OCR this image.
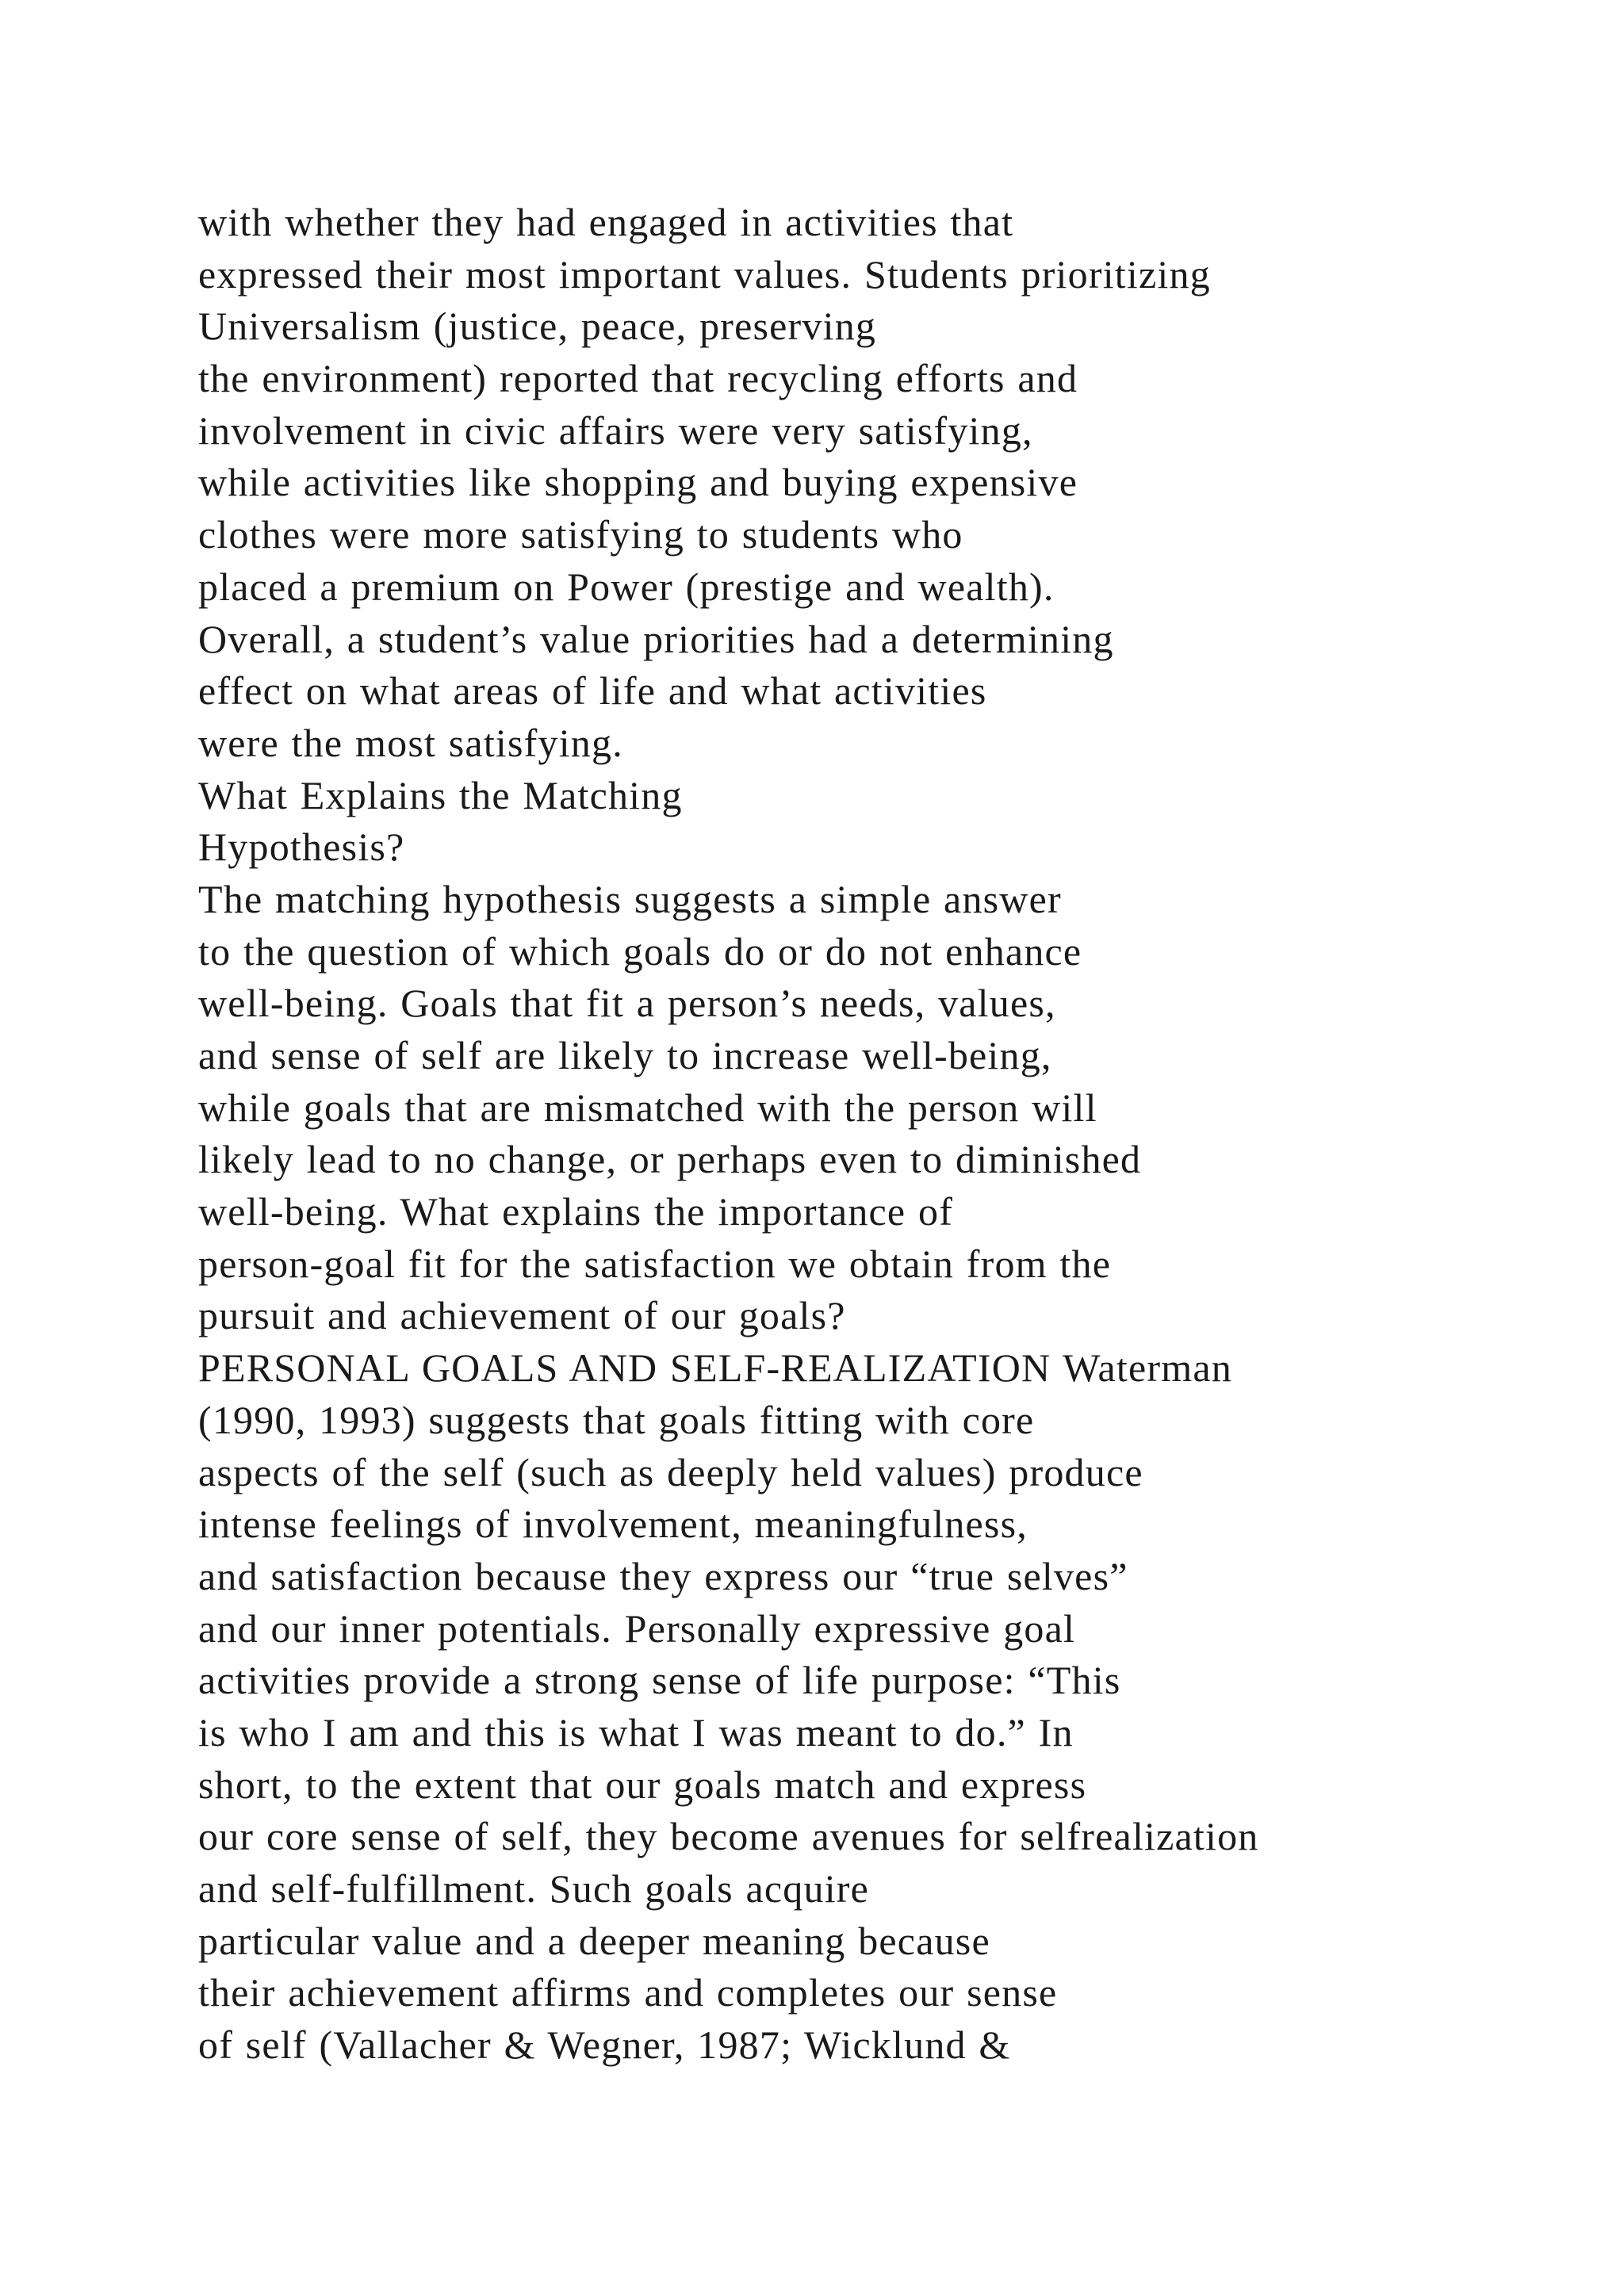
with whether they had engaged in activities that
expressed their most important values. Students prioritizing
Universalism (justice, peace, preserving
the environment) reported that recycling efforts and
involvement in civic affairs were very satisfying,
while activities like shopping and buying expensive
clothes were more satisfying to students who
placed a premium on Power (prestige and wealth).
Overall, a student’s value priorities had a determining
effect on what areas of life and what activities
were the most satisfying.
What Explains the Matching
Hypothesis?
The matching hypothesis suggests a simple answer
to the question of which goals do or do not enhance
well-being. Goals that fit a person’s needs, values,
and sense of self are likely to increase well-being,
while goals that are mismatched with the person will
likely lead to no change, or perhaps even to diminished
well-being. What explains the importance of
person-goal fit for the satisfaction we obtain from the
pursuit and achievement of our goals?
PERSONAL GOALS AND SELF-REALIZATION Waterman
(1990, 1993) suggests that goals fitting with core
aspects of the self (such as deeply held values) produce
intense feelings of involvement, meaningfulness,
and satisfaction because they express our “true selves”
and our inner potentials. Personally expressive goal
activities provide a strong sense of life purpose: “This
is who I am and this is what I was meant to do.” In
short, to the extent that our goals match and express
our core sense of self, they become avenues for selfrealization
and self-fulfillment. Such goals acquire
particular value and a deeper meaning because
their achievement affirms and completes our sense
of self (Vallacher & Wegner, 1987; Wicklund &
